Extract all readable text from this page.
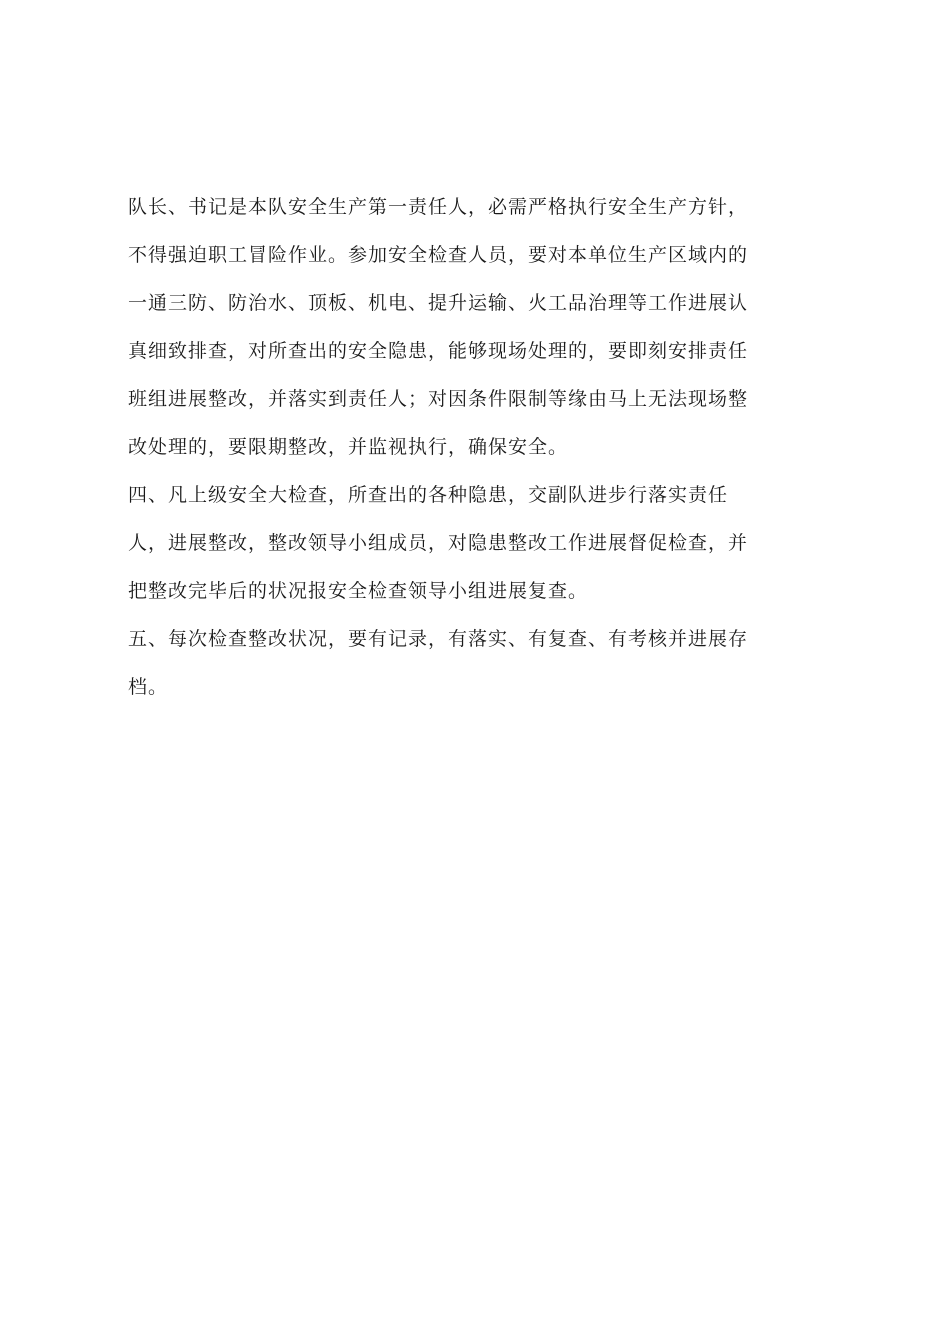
队长、书记是本队安全生产第一责任人，必需严格执行安全生产方针，
不得强迫职工冒险作业。参加安全检查人员，要对本单位生产区域内的
一通三防、防治水、顶板、机电、提升运输、火工品治理等工作进展认
真细致排查，对所查出的安全隐患，能够现场处理的，要即刻安排责任
班组进展整改，并落实到责任人；对因条件限制等缘由马上无法现场整
改处理的，要限期整改，并监视执行，确保安全。
四、凡上级安全大检查，所查出的各种隐患，交副队进步行落实责任
人，进展整改，整改领导小组成员，对隐患整改工作进展督促检查，并
把整改完毕后的状况报安全检查领导小组进展复查。
五、每次检查整改状况，要有记录，有落实、有复查、有考核并进展存
档。
